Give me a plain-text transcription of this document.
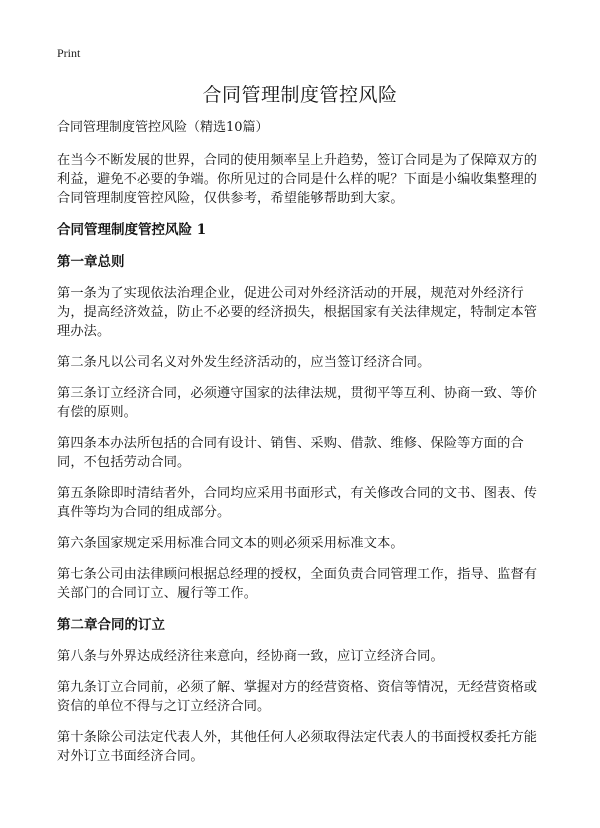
Print
合同管理制度管控风险
合同管理制度管控风险（精选10篇）

在当今不断发展的世界，合同的使用频率呈上升趋势，签订合同是为了保障双方的利益，避免不必要的争端。你所见过的合同是什么样的呢？下面是小编收集整理的合同管理制度管控风险，仅供参考，希望能够帮助到大家。

合同管理制度管控风险 1
第一章总则

第一条为了实现依法治理企业，促进公司对外经济活动的开展，规范对外经济行为，提高经济效益，防止不必要的经济损失，根据国家有关法律规定，特制定本管理办法。

第二条凡以公司名义对外发生经济活动的，应当签订经济合同。

第三条订立经济合同，必须遵守国家的法律法规，贯彻平等互利、协商一致、等价有偿的原则。

第四条本办法所包括的合同有设计、销售、采购、借款、维修、保险等方面的合同，不包括劳动合同。

第五条除即时清结者外，合同均应采用书面形式，有关修改合同的文书、图表、传真件等均为合同的组成部分。

第六条国家规定采用标准合同文本的则必须采用标准文本。

第七条公司由法律顾问根据总经理的授权，全面负责合同管理工作，指导、监督有关部门的合同订立、履行等工作。

第二章合同的订立

第八条与外界达成经济往来意向，经协商一致，应订立经济合同。

第九条订立合同前，必须了解、掌握对方的经营资格、资信等情况，无经营资格或资信的单位不得与之订立经济合同。

第十条除公司法定代表人外，其他任何人必须取得法定代表人的书面授权委托方能对外订立书面经济合同。
